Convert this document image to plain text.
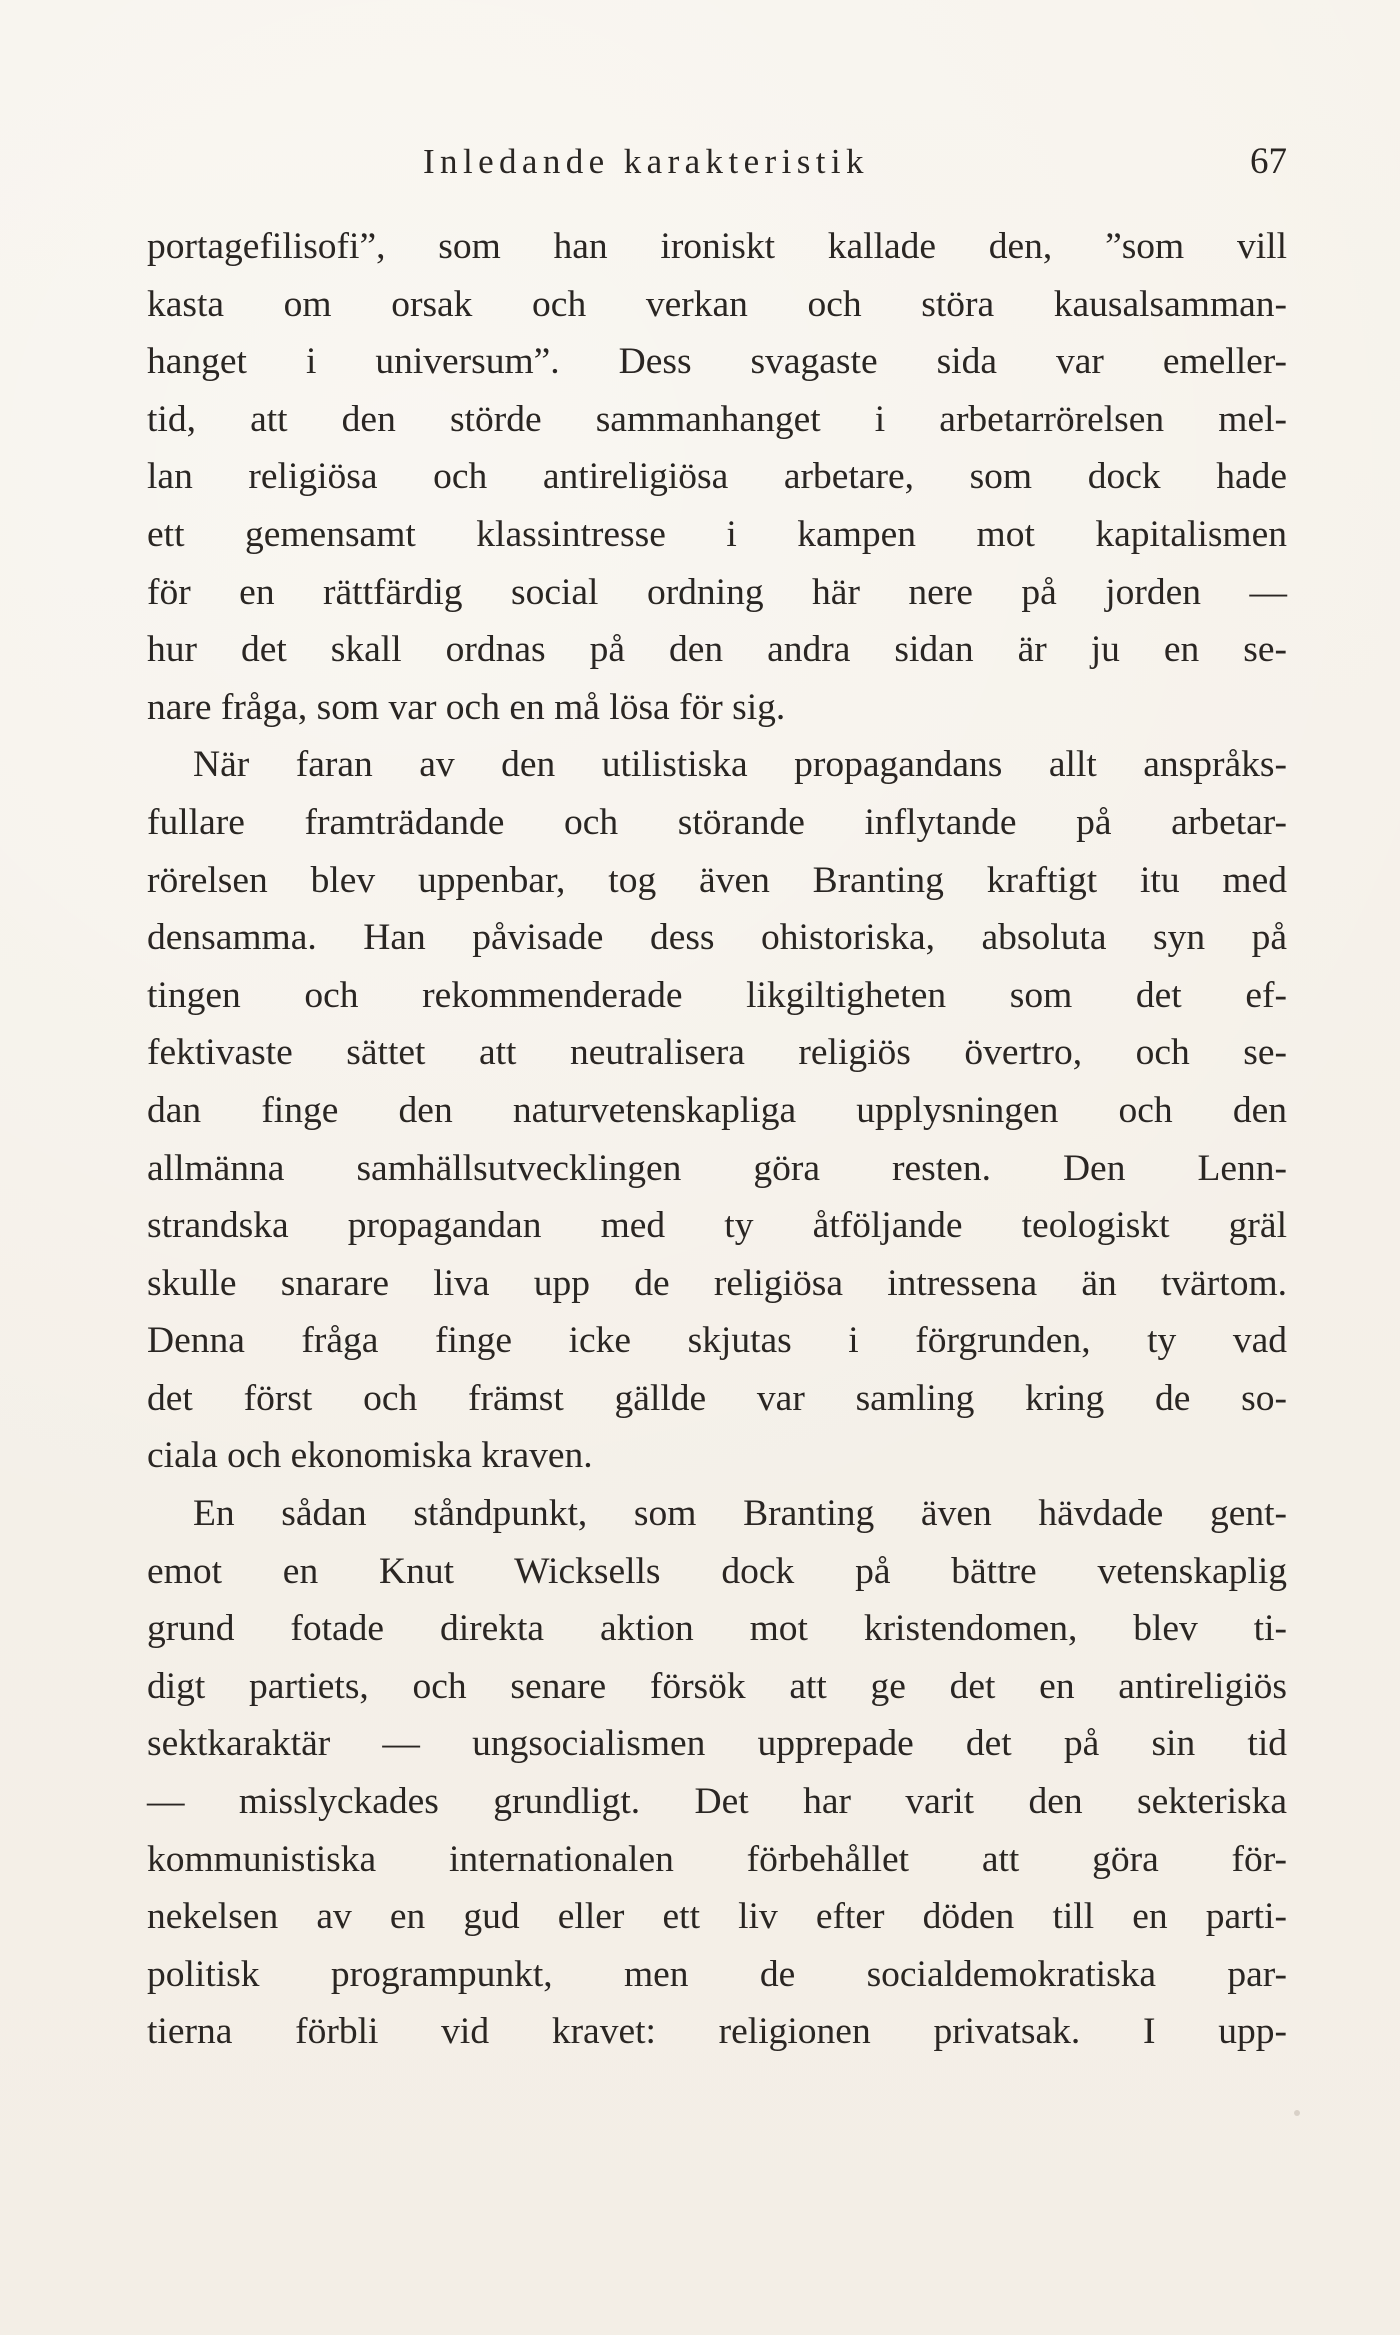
Inledande karakteristik	67
portagefilisofi”, som han ironiskt kallade den, ”som vill
kasta om orsak och verkan och störa kausalsamman-
hanget i universum”. Dess svagaste sida var emeller-
tid, att den störde sammanhanget i arbetarrörelsen mel-
lan religiösa och antireligiösa arbetare, som dock hade
ett gemensamt klassintresse i kampen mot kapitalismen
för en rättfärdig social ordning här nere på jorden —
hur det skall ordnas på den andra sidan är ju en se-
nare fråga, som var och en må lösa för sig.
När faran av den utilistiska propagandans allt anspråks-
fullare framträdande och störande inflytande på arbetar-
rörelsen blev uppenbar, tog även Branting kraftigt itu med
densamma. Han påvisade dess ohistoriska, absoluta syn på
tingen och rekommenderade likgiltigheten som det ef-
fektivaste sättet att neutralisera religiös övertro, och se-
dan finge den naturvetenskapliga upplysningen och den
allmänna samhällsutvecklingen göra resten. Den Lenn-
strandska propagandan med ty åtföljande teologiskt gräl
skulle snarare liva upp de religiösa intressena än tvärtom.
Denna fråga finge icke skjutas i förgrunden, ty vad
det först och främst gällde var samling kring de so-
ciala och ekonomiska kraven.
En sådan ståndpunkt, som Branting även hävdade gent-
emot en Knut Wicksells dock på bättre vetenskaplig
grund fotade direkta aktion mot kristendomen, blev ti-
digt partiets, och senare försök att ge det en antireligiös
sektkaraktär — ungsocialismen upprepade det på sin tid
— misslyckades grundligt. Det har varit den sekteriska
kommunistiska internationalen förbehållet att göra för-
nekelsen av en gud eller ett liv efter döden till en parti-
politisk programpunkt, men de socialdemokratiska par-
tierna förbli vid kravet: religionen privatsak. I upp-
